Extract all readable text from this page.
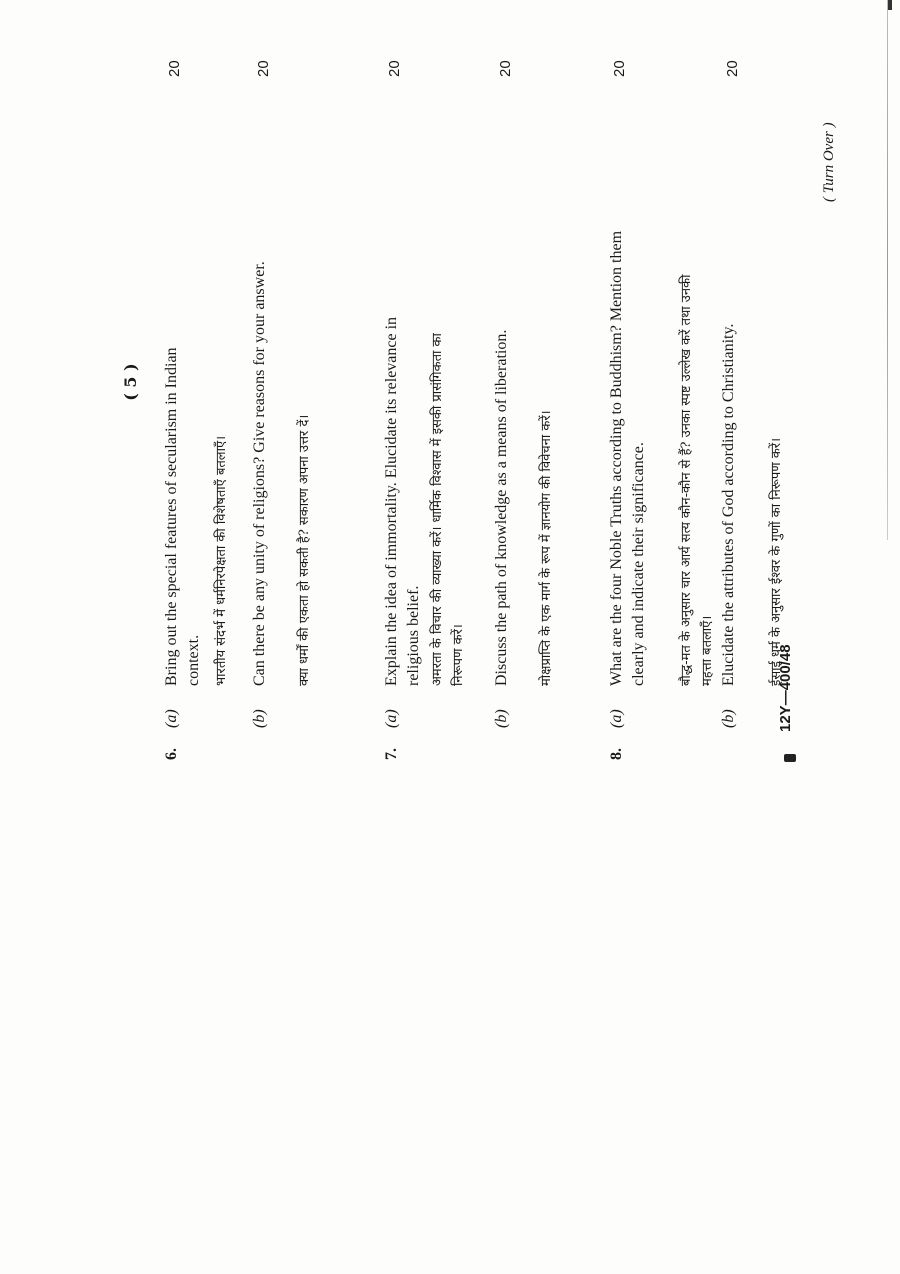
( 5 )
6.
(a)
Bring out the special features of secularism in Indian context.
20
भारतीय संदर्भ में धर्मनिरपेक्षता की विशेषताएँ बतलाएँ।
(b)
Can there be any unity of religions? Give reasons for your answer.
20
क्या धर्मों की एकता हो सकती है? सकारण अपना उत्तर दें।
7.
(a)
Explain the idea of immortality. Elucidate its relevance in religious belief.
20
अमरता के विचार की व्याख्या करें। धार्मिक विश्वास में इसकी प्रासंगिकता का निरूपण करें।
(b)
Discuss the path of knowledge as a means of liberation.
20
मोक्षप्राप्ति के एक मार्ग के रूप में ज्ञानयोग की विवेचना करें।
8.
(a)
What are the four Noble Truths according to Buddhism? Mention them clearly and indicate their significance.
20
बौद्ध-मत के अनुसार चार आर्य सत्य कौन-कौन से हैं? उनका स्पष्ट उल्लेख करें तथा उनकी महत्ता बतलाएँ।
(b)
Elucidate the attributes of God according to Christianity.
20
ईसाई धर्म के अनुसार ईश्वर के गुणों का निरूपण करें।
12Y—400/48
( Turn Over )
